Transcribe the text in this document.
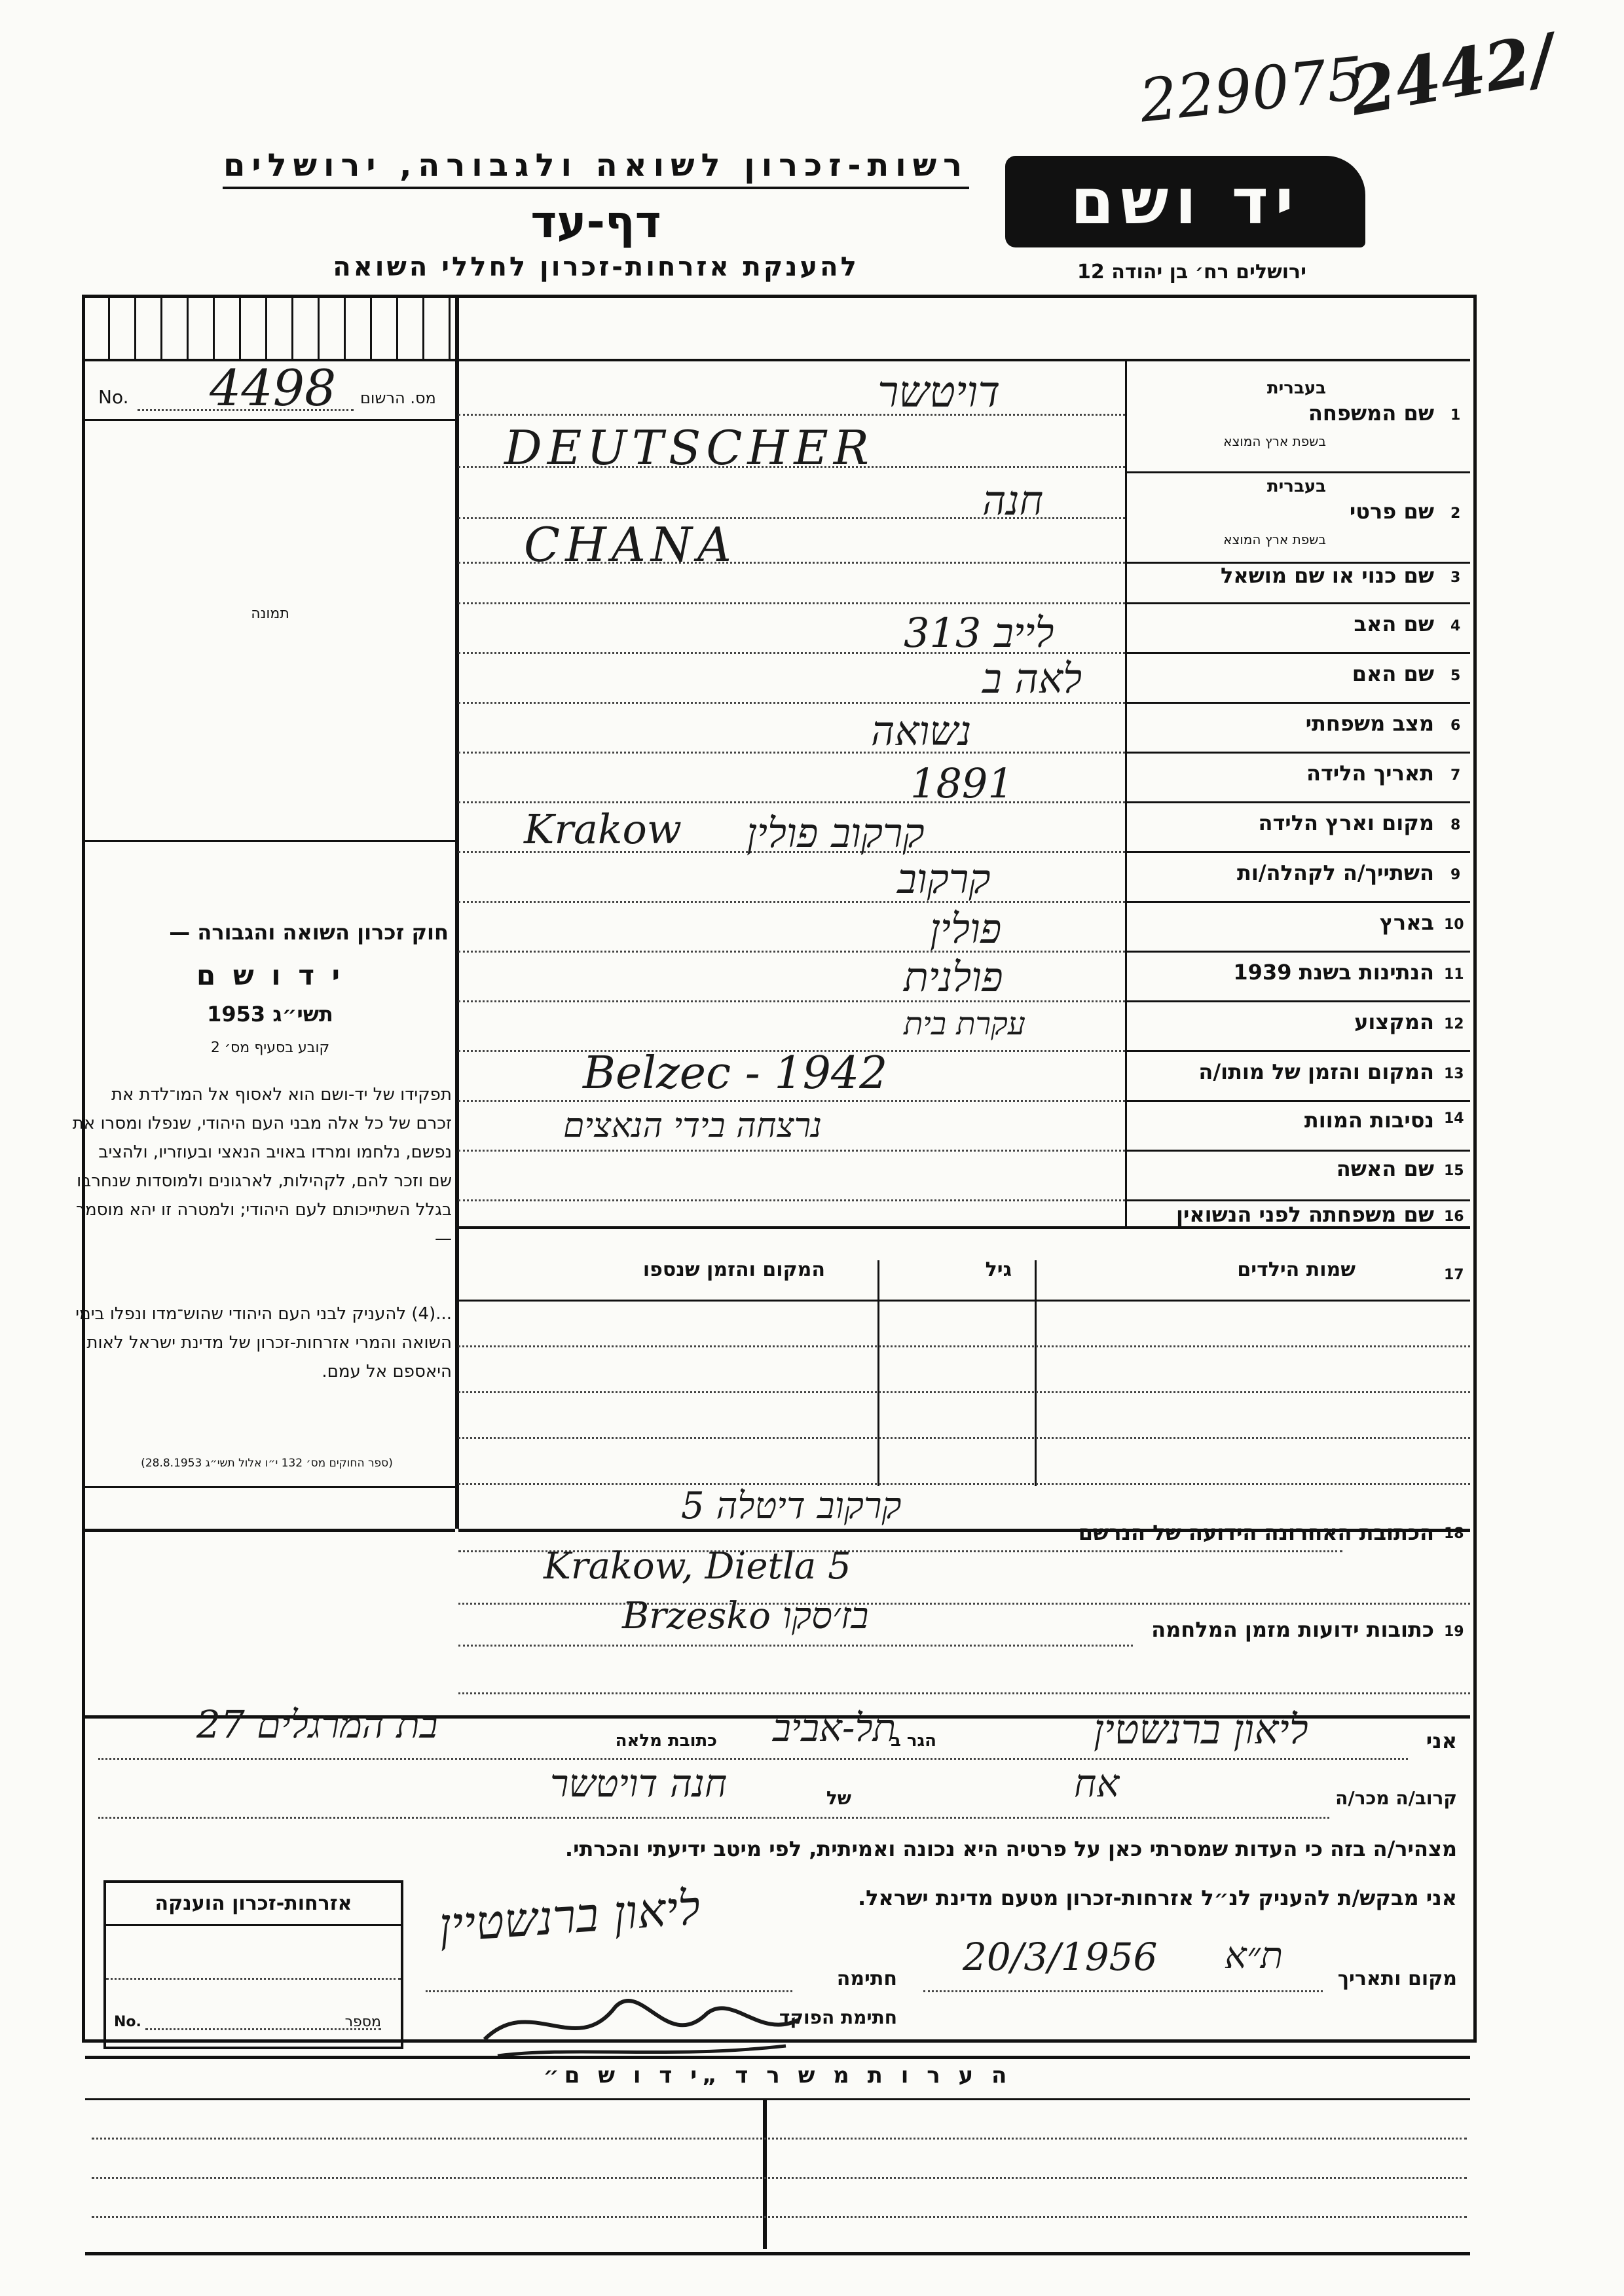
229075
2442/
רשות-זכרון לשואה ולגבורה, ירושלים
דף-עד
להענקת אזרחות-זכרון לחללי השואה
יד ושם
ירושלים רח׳ בן יהודה 12
No. 4498 מס. הרשום
תמונה
חוק זכרון השואה והגבורה —
י ד ו ש ם
תשי״ג 1953
קובע בסעיף מס׳ 2
תפקידו של יד-ושם הוא לאסוף אל המו־לדת את זכרם של כל אלה מבני העם היהודי, שנפלו ומסרו את נפשם, נלחמו ומרדו באויב הנאצי ובעוזריו, ולהציב שם וזכר להם, לקהילות, לארגונים ולמוסדות שנחרבו בגלל השתייכותם לעם היהודי; ולמטרה זו יהא מוסמך —
...(4) להעניק לבני העם היהודי שהוש־מדו ונפלו בימי השואה והמרי אזרחות-זכרון של מדינת ישראל לאות היאספם אל עמם.
(ספר החוקים מס׳ 132 י״ו אלול תשי״ג 28.8.1953)
1
שם המשפחה
בעברית
בשפת ארץ המוצא
2
שם פרטי
בעברית
בשפת ארץ המוצא
3
שם כנוי או שם מושאל
4
שם האב
5
שם האם
6
מצב משפחתי
7
תאריך הלידה
8
מקום וארץ הלידה
9
השתייך/ה לקהלה/ות
10
בארץ
11
הנתינות בשנת 1939
12
המקצוע
13
המקום והזמן של מותו/ה
14
נסיבות המוות
15
שם האשה
16
שם משפחתה לפני הנשואין
דויטשר
DEUTSCHER
חנה
CHANA
לייב 313
לאה ב
נשואה
1891
Krakow קרקוב פולין
קרקוב
פולין
פולנית
עקרת בית
Belzec - 1942
נרצחה בידי הנאצים
17
שמות הילדים
גיל
המקום והזמן שנספו
18
הכתובת האחרונה הידועה של הנרשם
קרקוב דיטלה 5
Krakow, Dietla 5
19
כתובות ידועות מזמן המלחמה
Brzesko בז׳סקו
אני
ליאון ברנשטין
הגר ב
תל-אביב
כתובת מלאה
בת המרגלים 27
קרוב/ה מכר/ה
אח
של
חנה דויטשר
מצהיר/ה בזה כי העדות שמסרתי כאן על פרטיה היא נכונה ואמיתית, לפי מיטב ידיעתי והכרתי.
אני מבקש/ת להעניק לנ״ל אזרחות-זכרון מטעם מדינת ישראל.
מקום ותאריך
ת״א
20/3/1956
חתימה
ליאון ברנשטיין
חתימת הפוקד
אזרחות-זכרון הוענקה
No.	מספר
ה ע ר ו ת מ ש ר ד „י ד ו ש ם״
